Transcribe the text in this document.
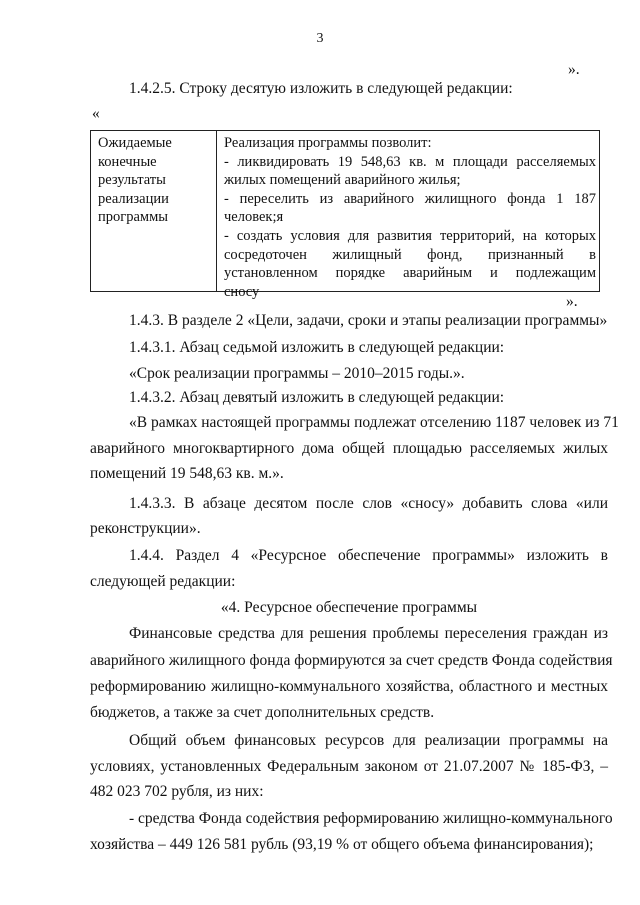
3
».
1.4.2.5. Строку десятую изложить в следующей редакции:
«
Ожидаемые
конечные
результаты
реализации
программы
Реализация программы позволит:
- ликвидировать 19 548,63 кв. м площади расселяемых
жилых помещений аварийного жилья;
- переселить из аварийного жилищного фонда 1 187
человек;я
- создать условия для развития территорий, на которых
сосредоточен жилищный фонд, признанный в
установленном порядке аварийным и подлежащим
сносу
».
1.4.3. В разделе 2 «Цели, задачи, сроки и этапы реализации программы»
1.4.3.1. Абзац седьмой изложить в следующей редакции:
«Срок реализации программы – 2010–2015 годы.».
1.4.3.2. Абзац девятый изложить в следующей редакции:
«В рамках настоящей программы подлежат отселению 1187 человек из 71
аварийного многоквартирного дома общей площадью расселяемых жилых
помещений 19 548,63 кв. м.».
1.4.3.3. В абзаце десятом после слов «сносу» добавить слова «или
реконструкции».
1.4.4. Раздел 4 «Ресурсное обеспечение программы» изложить в
следующей редакции:
«4. Ресурсное обеспечение программы
Финансовые средства для решения проблемы переселения граждан из
аварийного жилищного фонда формируются за счет средств Фонда содействия
реформированию жилищно-коммунального хозяйства, областного и местных
бюджетов, а также за счет дополнительных средств.
Общий объем финансовых ресурсов для реализации программы на
условиях, установленных Федеральным законом от 21.07.2007 № 185-ФЗ, –
482 023 702 рубля, из них:
- средства Фонда содействия реформированию жилищно-коммунального
хозяйства – 449 126 581 рубль (93,19 % от общего объема финансирования);
